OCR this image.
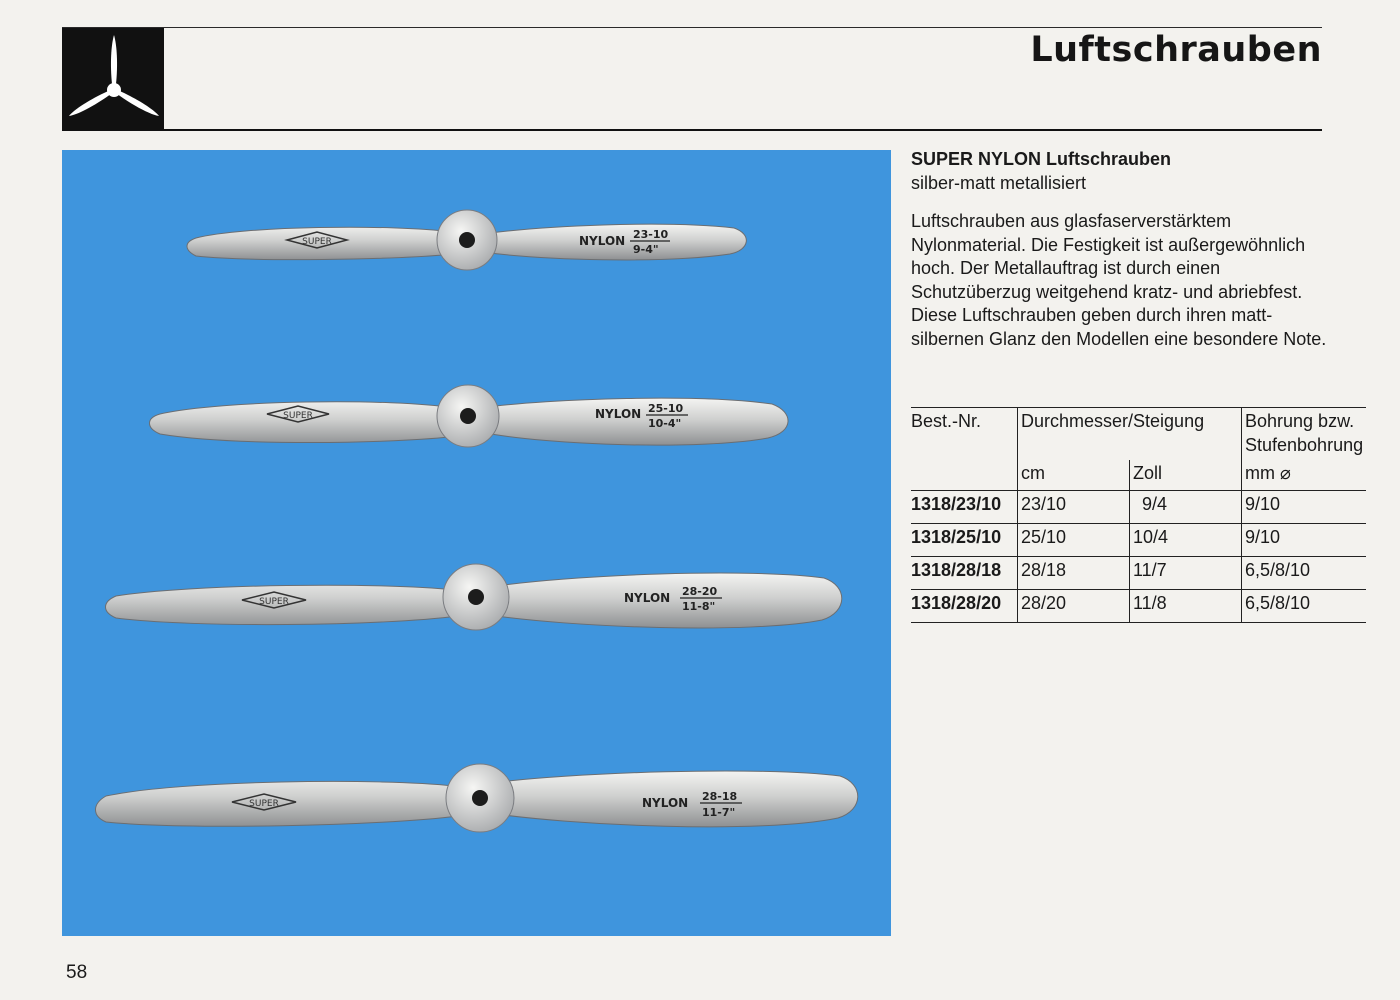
Luftschrauben
SUPER	NYLON 23-10
9-4"
SUPER	NYLON 25-10
10-4"
SUPER	NYLON 28-20
11-8"
SUPER	NYLON 28-18
11-7"
SUPER NYLON Luftschrauben
silber-matt metallisiert

Luftschrauben aus glasfaserverstärktem Nylonmaterial. Die Festigkeit ist außergewöhnlich hoch. Der Metallauftrag ist durch einen Schutzüberzug weitgehend kratz- und abriebfest.

Diese Luftschrauben geben durch ihren matt-silbernen Glanz den Modellen eine besondere Note.

Best.-Nr.	Durchmesser/Steigung		Bohrung bzw. Stufenbohrung
	cm	Zoll	mm ⌀
1318/23/10	23/10	9/4	9/10
1318/25/10	25/10	10/4	9/10
1318/28/18	28/18	11/7	6,5/8/10
1318/28/20	28/20	11/8	6,5/8/10
58
